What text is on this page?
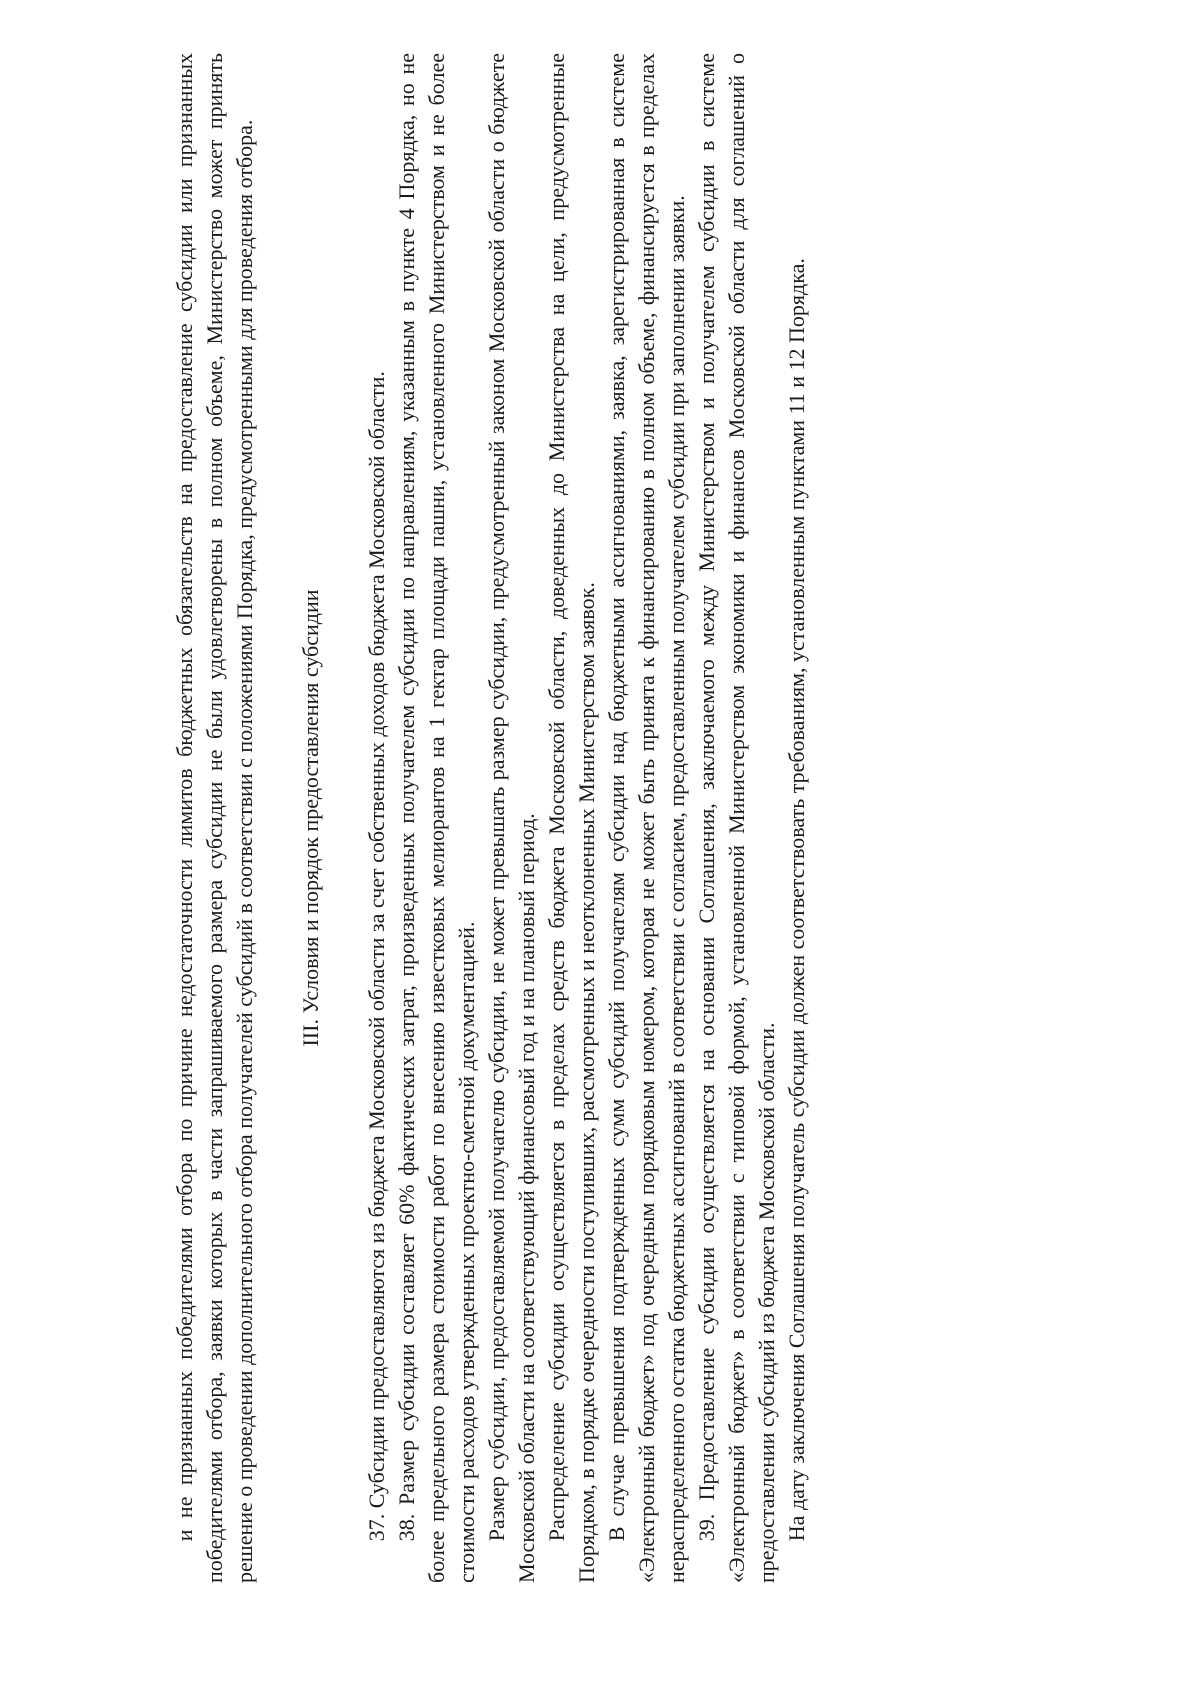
и не признанных победителями отбора по причине недостаточности лимитов бюджетных обязательств на предоставление субсидии или признанных победителями отбора, заявки которых в части запрашиваемого размера субсидии не были удовлетворены в полном объеме, Министерство может принять решение о проведении дополнительного отбора получателей субсидий в соответствии с положениями Порядка, предусмотренными для проведения отбора. III. Условия и порядок предоставления субсидии 37. Субсидии предоставляются из бюджета Московской области за счет собственных доходов бюджета Московской области. 38. Размер субсидии составляет 60% фактических затрат, произведенных получателем субсидии по направлениям, указанным в пункте 4 Порядка, но не более предельного размера стоимости работ по внесению известковых мелиорантов на 1 гектар площади пашни, установленного Министерством и не более стоимости расходов утвержденных проектно-сметной документацией. Размер субсидии, предоставляемой получателю субсидии, не может превышать размер субсидии, предусмотренный законом Московской области о бюджете Московской области на соответствующий финансовый год и на плановый период. Распределение субсидии осуществляется в пределах средств бюджета Московской области, доведенных до Министерства на цели, предусмотренные Порядком, в порядке очередности поступивших, рассмотренных и неотклоненных Министерством заявок. В случае превышения подтвержденных сумм субсидий получателям субсидии над бюджетными ассигнованиями, заявка, зарегистрированная в системе «Электронный бюджет» под очередным порядковым номером, которая не может быть принята к финансированию в полном объеме, финансируется в пределах нераспределенного остатка бюджетных ассигнований в соответствии с согласием, предоставленным получателем субсидии при заполнении заявки. 39. Предоставление субсидии осуществляется на основании Соглашения, заключаемого между Министерством и получателем субсидии в системе «Электронный бюджет» в соответствии с типовой формой, установленной Министерством экономики и финансов Московской области для соглашений о предоставлении субсидий из бюджета Московской области. На дату заключения Соглашения получатель субсидии должен соответствовать требованиям, установленным пунктами 11 и 12 Порядка.
